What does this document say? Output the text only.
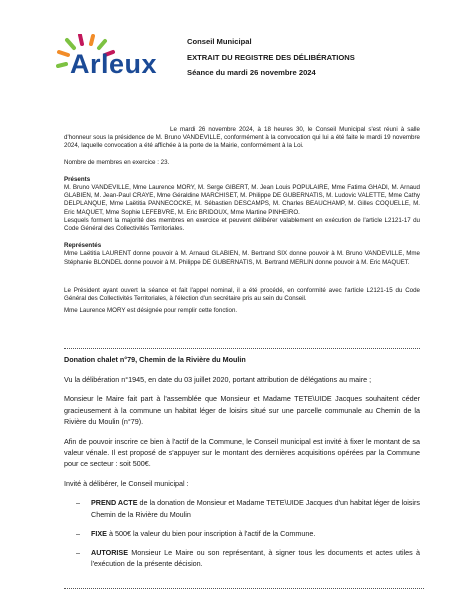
Arleux
Conseil Municipal
EXTRAIT DU REGISTRE DES DÉLIBÉRATIONS
Séance du mardi 26 novembre 2024

Le mardi 26 novembre 2024, à 18 heures 30, le Conseil Municipal s'est réuni à salle d'honneur sous la présidence de M. Bruno VANDEVILLE, conformément à la convocation qui lui a été faite le mardi 19 novembre 2024, laquelle convocation a été affichée à la porte de la Mairie, conformément à la Loi.

Nombre de membres en exercice : 23.

Présents

M. Bruno VANDEVILLE, Mme Laurence MORY, M. Serge GIBERT, M. Jean Louis POPULAIRE, Mme Fatima GHADI, M. Arnaud GLABIEN, M. Jean-Paul CRAYE, Mme Géraldine MARCHISET, M. Philippe DE GUBERNATIS, M. Ludovic VALETTE, Mme Cathy DELPLANQUE, Mme Laëtitia PANNECOCKE, M. Sébastien DESCAMPS, M. Charles BEAUCHAMP, M. Gilles COQUELLE, M. Eric MAQUET, Mme Sophie LEFEBVRE, M. Eric BRIDOUX, Mme Martine PINHEIRO.

Lesquels forment la majorité des membres en exercice et peuvent délibérer valablement en exécution de l'article L2121-17 du Code Général des Collectivités Territoriales.

Représentés

Mme Laëtitia LAURENT donne pouvoir à M. Arnaud GLABIEN, M. Bertrand SIX donne pouvoir à M. Bruno VANDEVILLE, Mme Stéphanie BLONDEL donne pouvoir à M. Philippe DE GUBERNATIS, M. Bertrand MERLIN donne pouvoir à M. Eric MAQUET.

Le Président ayant ouvert la séance et fait l'appel nominal, il a été procédé, en conformité avec l'article L2121-15 du Code Général des Collectivités Territoriales, à l'élection d'un secrétaire pris au sein du Conseil.

Mme Laurence MORY est désignée pour remplir cette fonction.

Donation chalet n°79, Chemin de la Rivière du Moulin

Vu la délibération n°1945, en date du 03 juillet 2020, portant attribution de délégations au maire ;

Monsieur le Maire fait part à l'assemblée que Monsieur et Madame TETE\UIDE Jacques souhaitent céder gracieusement à la commune un habitat léger de loisirs situé sur une parcelle communale au Chemin de la Rivière du Moulin (n°79).

Afin de pouvoir inscrire ce bien à l'actif de la Commune, le Conseil municipal est invité à fixer le montant de sa valeur vénale. Il est proposé de s'appuyer sur le montant des dernières acquisitions opérées par la Commune pour ce secteur : soit 500€.

Invité à délibérer, le Conseil municipal :

– PREND ACTE de la donation de Monsieur et Madame TETE\UIDE Jacques d'un habitat léger de loisirs Chemin de la Rivière du Moulin
– FIXE à 500€ la valeur du bien pour inscription à l'actif de la Commune.
– AUTORISE Monsieur Le Maire ou son représentant, à signer tous les documents et actes utiles à l'exécution de la présente décision.
